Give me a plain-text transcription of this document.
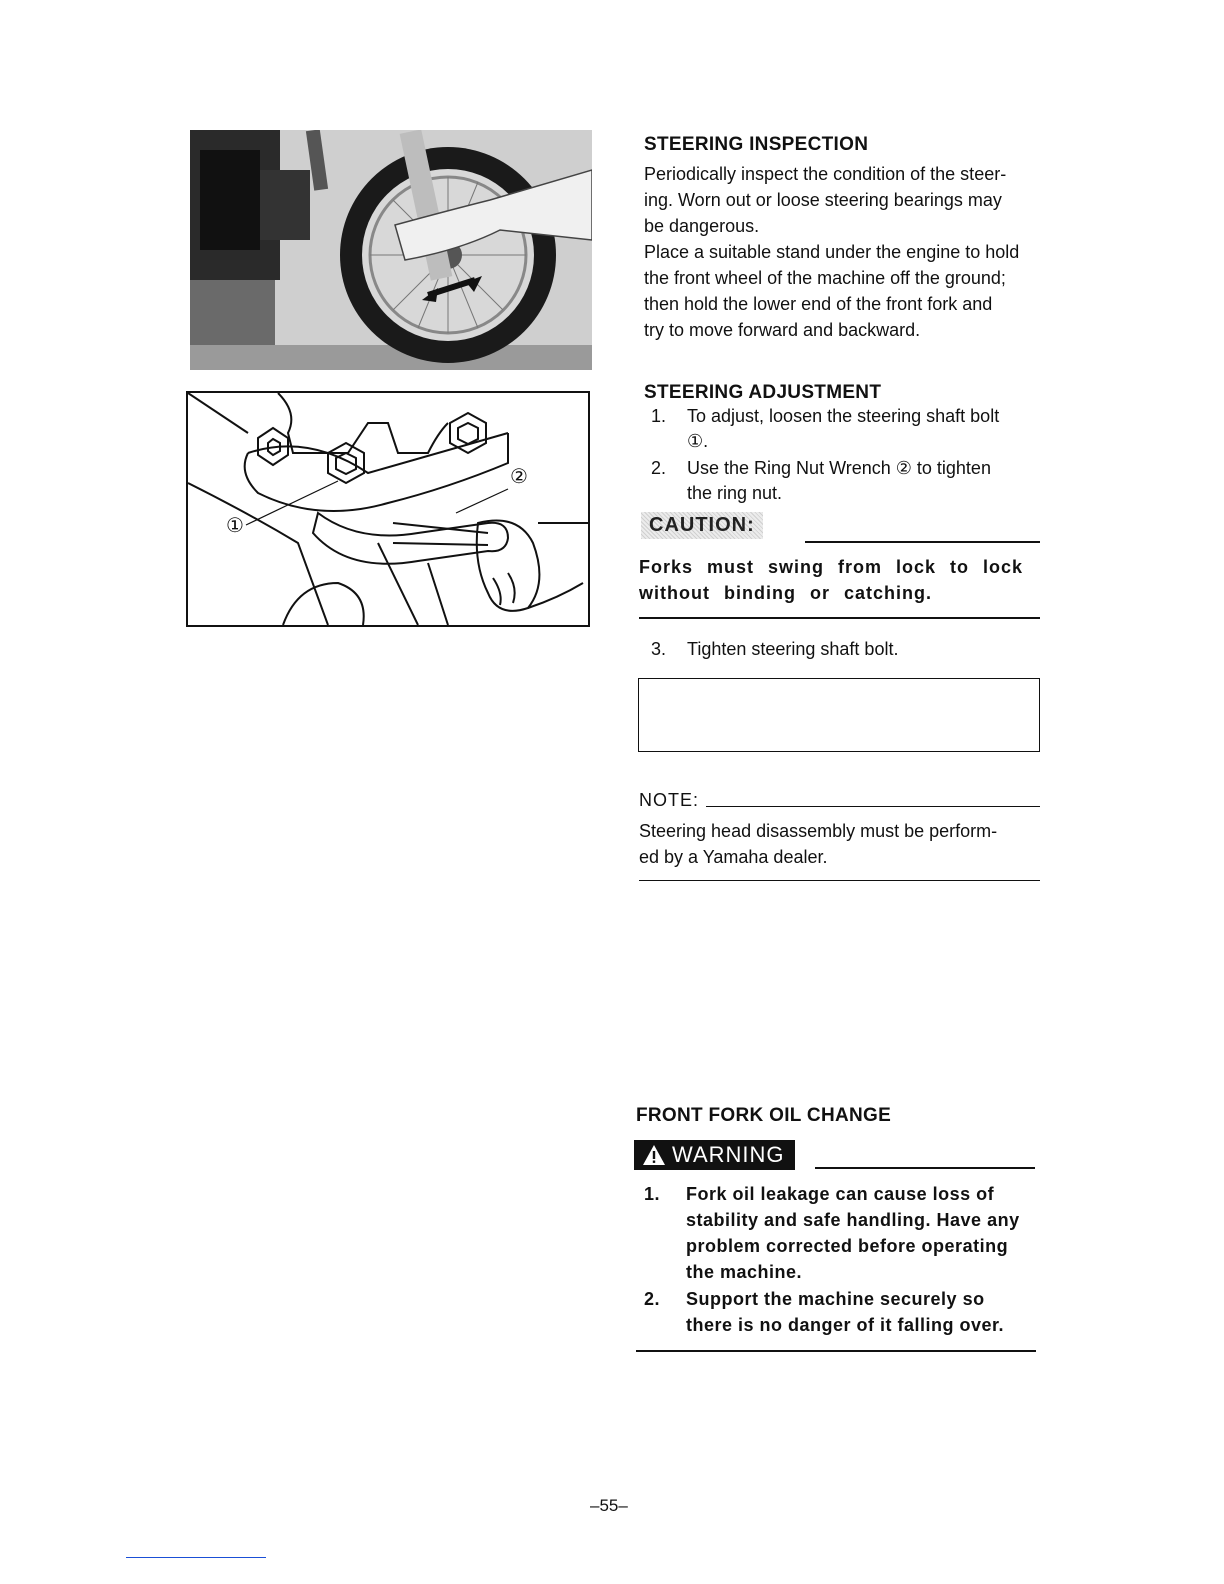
①
②
STEERING INSPECTION
Periodically inspect the condition of the steer-
ing. Worn out or loose steering bearings may
be dangerous.
Place a suitable stand under the engine to hold
the front wheel of the machine off the ground;
then hold the lower end of the front fork and
try to move forward and backward.
STEERING ADJUSTMENT
1.	To adjust, loosen the steering shaft bolt
①.
2.	Use the Ring Nut Wrench ② to tighten
the ring nut.
CAUTION:
Forks must swing from lock to lock
without binding or catching.
3.	Tighten steering shaft bolt.
NOTE:
Steering head disassembly must be perform-
ed by a Yamaha dealer.
FRONT FORK OIL CHANGE
WARNING
1.	Fork oil leakage can cause loss of
stability and safe handling. Have any
problem corrected before operating
the machine.
2.	Support the machine securely so
there is no danger of it falling over.
–55–
